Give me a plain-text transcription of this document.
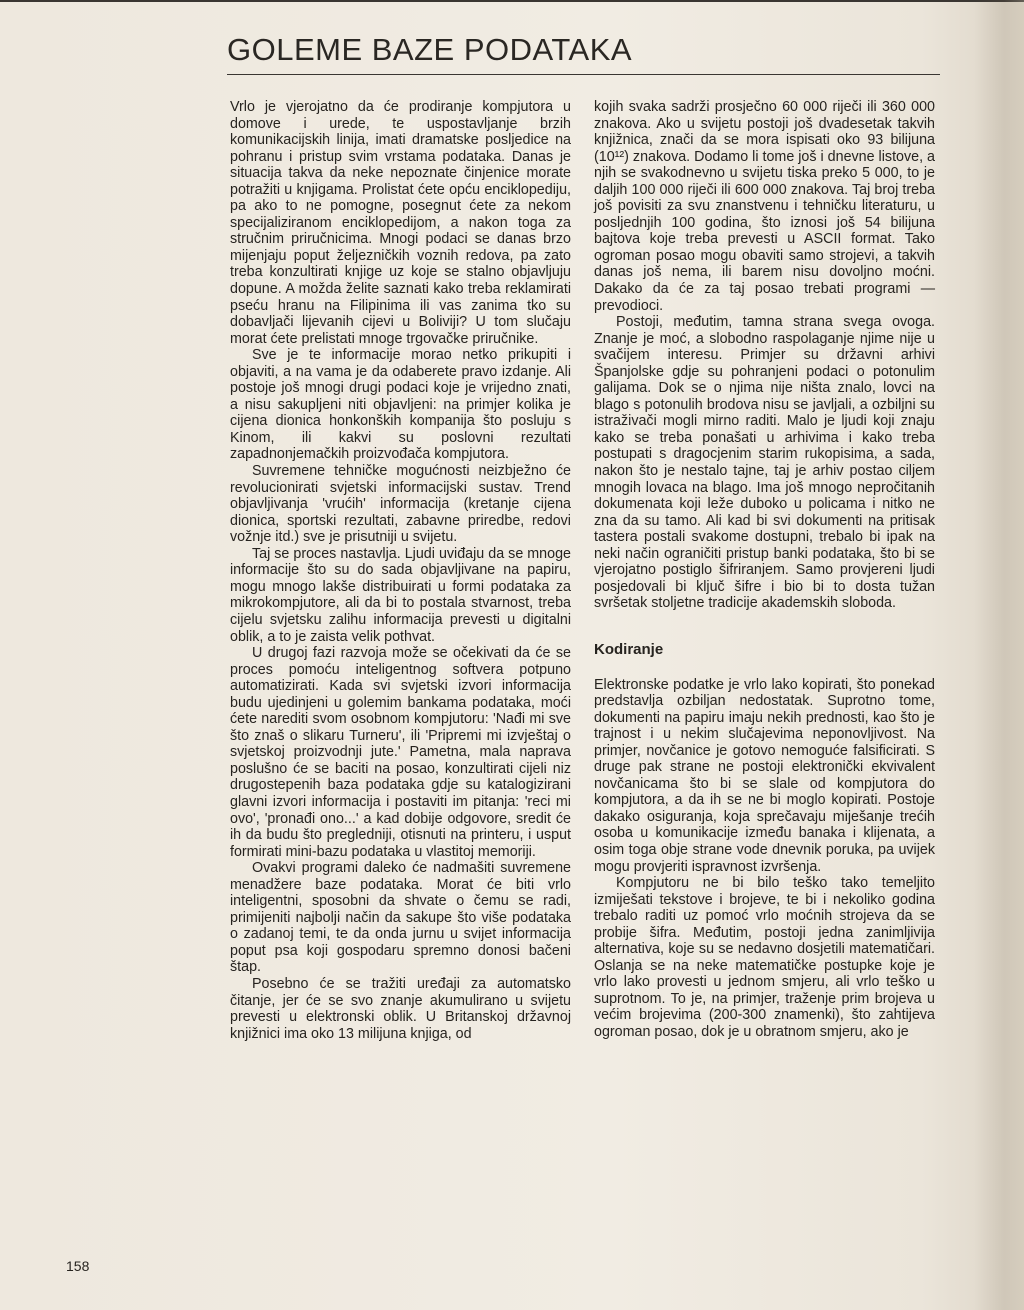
GOLEME BAZE PODATAKA

Vrlo je vjerojatno da će prodiranje kompjutora u domove i urede, te uspostavljanje brzih komunikacijskih linija, imati dramatske posljedice na pohranu i pristup svim vrstama podataka. Danas je situacija takva da neke nepoznate činjenice morate potražiti u knjigama. Prolistat ćete opću enciklopediju, pa ako to ne pomogne, posegnut ćete za nekom specijaliziranom enciklopedijom, a nakon toga za stručnim priručnicima. Mnogi podaci se danas brzo mijenjaju poput željezničkih voznih redova, pa zato treba konzultirati knjige uz koje se stalno objavljuju dopune. A možda želite saznati kako treba reklamirati pseću hranu na Filipinima ili vas zanima tko su dobavljači lijevanih cijevi u Boliviji? U tom slučaju morat ćete prelistati mnoge trgovačke priručnike.

Sve je te informacije morao netko prikupiti i objaviti, a na vama je da odaberete pravo izdanje. Ali postoje još mnogi drugi podaci koje je vrijedno znati, a nisu sakupljeni niti objavljeni: na primjer kolika je cijena dionica honkonških kompanija što posluju s Kinom, ili kakvi su poslovni rezultati zapadnonjemačkih proizvođača kompjutora.

Suvremene tehničke mogućnosti neizbježno će revolucionirati svjetski informacijski sustav. Trend objavljivanja 'vrućih' informacija (kretanje cijena dionica, sportski rezultati, zabavne priredbe, redovi vožnje itd.) sve je prisutniji u svijetu.

Taj se proces nastavlja. Ljudi uviđaju da se mnoge informacije što su do sada objavljivane na papiru, mogu mnogo lakše distribuirati u formi podataka za mikrokompjutore, ali da bi to postala stvarnost, treba cijelu svjetsku zalihu informacija prevesti u digitalni oblik, a to je zaista velik pothvat.

U drugoj fazi razvoja može se očekivati da će se proces pomoću inteligentnog softvera potpuno automatizirati. Kada svi svjetski izvori informacija budu ujedinjeni u golemim bankama podataka, moći ćete narediti svom osobnom kompjutoru: 'Nađi mi sve što znaš o slikaru Turneru', ili 'Pripremi mi izvještaj o svjetskoj proizvodnji jute.' Pametna, mala naprava poslušno će se baciti na posao, konzultirati cijeli niz drugostepenih baza podataka gdje su katalogizirani glavni izvori informacija i postaviti im pitanja: 'reci mi ovo', 'pronađi ono...' a kad dobije odgovore, sredit će ih da budu što pregledniji, otisnuti na printeru, i usput formirati mini-bazu podataka u vlastitoj memoriji.

Ovakvi programi daleko će nadmašiti suvremene menadžere baze podataka. Morat će biti vrlo inteligentni, sposobni da shvate o čemu se radi, primijeniti najbolji način da sakupe što više podataka o zadanoj temi, te da onda jurnu u svijet informacija poput psa koji gospodaru spremno donosi bačeni štap.

Posebno će se tražiti uređaji za automatsko čitanje, jer će se svo znanje akumulirano u svijetu prevesti u elektronski oblik. U Britanskoj državnoj knjižnici ima oko 13 milijuna knjiga, od

kojih svaka sadrži prosječno 60 000 riječi ili 360 000 znakova. Ako u svijetu postoji još dvadesetak takvih knjižnica, znači da se mora ispisati oko 93 bilijuna (10¹²) znakova. Dodamo li tome još i dnevne listove, a njih se svakodnevno u svijetu tiska preko 5 000, to je daljih 100 000 riječi ili 600 000 znakova. Taj broj treba još povisiti za svu znanstvenu i tehničku literaturu, u posljednjih 100 godina, što iznosi još 54 bilijuna bajtova koje treba prevesti u ASCII format. Tako ogroman posao mogu obaviti samo strojevi, a takvih danas još nema, ili barem nisu dovoljno moćni. Dakako da će za taj posao trebati programi — prevodioci.

Postoji, međutim, tamna strana svega ovoga. Znanje je moć, a slobodno raspolaganje njime nije u svačijem interesu. Primjer su državni arhivi Španjolske gdje su pohranjeni podaci o potonulim galijama. Dok se o njima nije ništa znalo, lovci na blago s potonulih brodova nisu se javljali, a ozbiljni su istraživači mogli mirno raditi. Malo je ljudi koji znaju kako se treba ponašati u arhivima i kako treba postupati s dragocjenim starim rukopisima, a sada, nakon što je nestalo tajne, taj je arhiv postao ciljem mnogih lovaca na blago. Ima još mnogo nepročitanih dokumenata koji leže duboko u policama i nitko ne zna da su tamo. Ali kad bi svi dokumenti na pritisak tastera postali svakome dostupni, trebalo bi ipak na neki način ograničiti pristup banki podataka, što bi se vjerojatno postiglo šifriranjem. Samo provjereni ljudi posjedovali bi ključ šifre i bio bi to dosta tužan svršetak stoljetne tradicije akademskih sloboda.

Kodiranje

Elektronske podatke je vrlo lako kopirati, što ponekad predstavlja ozbiljan nedostatak. Suprotno tome, dokumenti na papiru imaju nekih prednosti, kao što je trajnost i u nekim slučajevima neponovljivost. Na primjer, novčanice je gotovo nemoguće falsificirati. S druge pak strane ne postoji elektronički ekvivalent novčanicama što bi se slale od kompjutora do kompjutora, a da ih se ne bi moglo kopirati. Postoje dakako osiguranja, koja sprečavaju miješanje trećih osoba u komunikacije između banaka i klijenata, a osim toga obje strane vode dnevnik poruka, pa uvijek mogu provjeriti ispravnost izvršenja.

Kompjutoru ne bi bilo teško tako temeljito izmiješati tekstove i brojeve, te bi i nekoliko godina trebalo raditi uz pomoć vrlo moćnih strojeva da se probije šifra. Međutim, postoji jedna zanimljivija alternativa, koje su se nedavno dosjetili matematičari. Oslanja se na neke matematičke postupke koje je vrlo lako provesti u jednom smjeru, ali vrlo teško u suprotnom. To je, na primjer, traženje prim brojeva u većim brojevima (200-300 znamenki), što zahtijeva ogroman posao, dok je u obratnom smjeru, ako je

158
